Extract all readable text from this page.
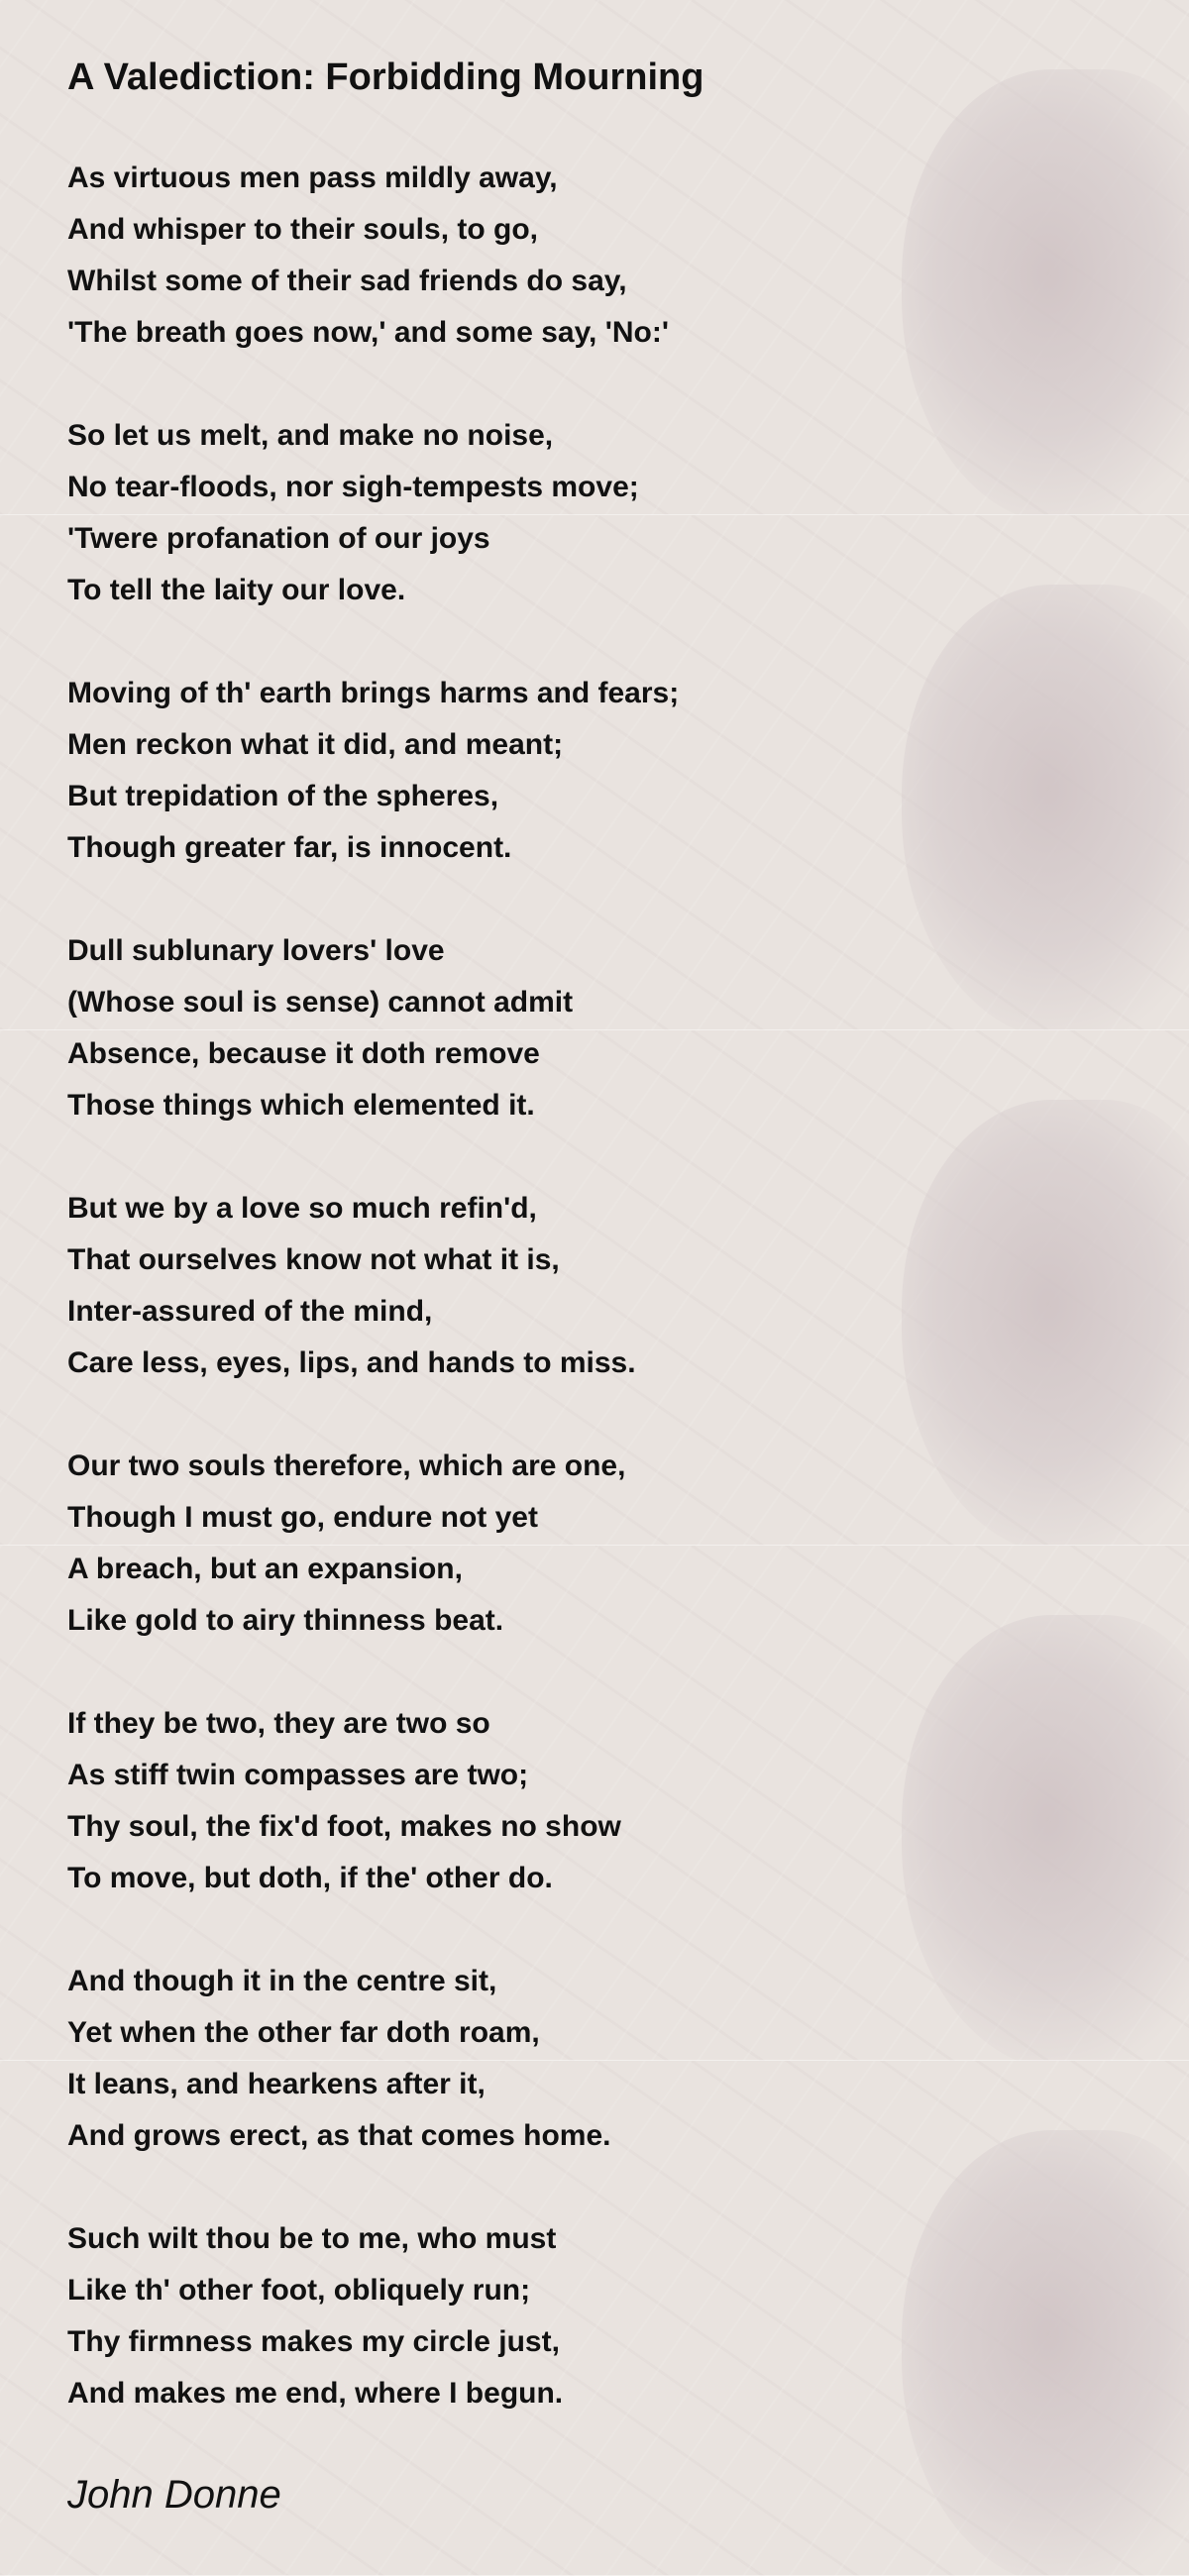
A Valediction: Forbidding Mourning
As virtuous men pass mildly away,
And whisper to their souls, to go,
Whilst some of their sad friends do say,
'The breath goes now,' and some say, 'No:'
So let us melt, and make no noise,
No tear-floods, nor sigh-tempests move;
'Twere profanation of our joys
To tell the laity our love.
Moving of th' earth brings harms and fears;
Men reckon what it did, and meant;
But trepidation of the spheres,
Though greater far, is innocent.
Dull sublunary lovers' love
(Whose soul is sense) cannot admit
Absence, because it doth remove
Those things which elemented it.
But we by a love so much refin'd,
That ourselves know not what it is,
Inter-assured of the mind,
Care less, eyes, lips, and hands to miss.
Our two souls therefore, which are one,
Though I must go, endure not yet
A breach, but an expansion,
Like gold to airy thinness beat.
If they be two, they are two so
As stiff twin compasses are two;
Thy soul, the fix'd foot, makes no show
To move, but doth, if the' other do.
And though it in the centre sit,
Yet when the other far doth roam,
It leans, and hearkens after it,
And grows erect, as that comes home.
Such wilt thou be to me, who must
Like th' other foot, obliquely run;
Thy firmness makes my circle just,
And makes me end, where I begun.
John Donne
